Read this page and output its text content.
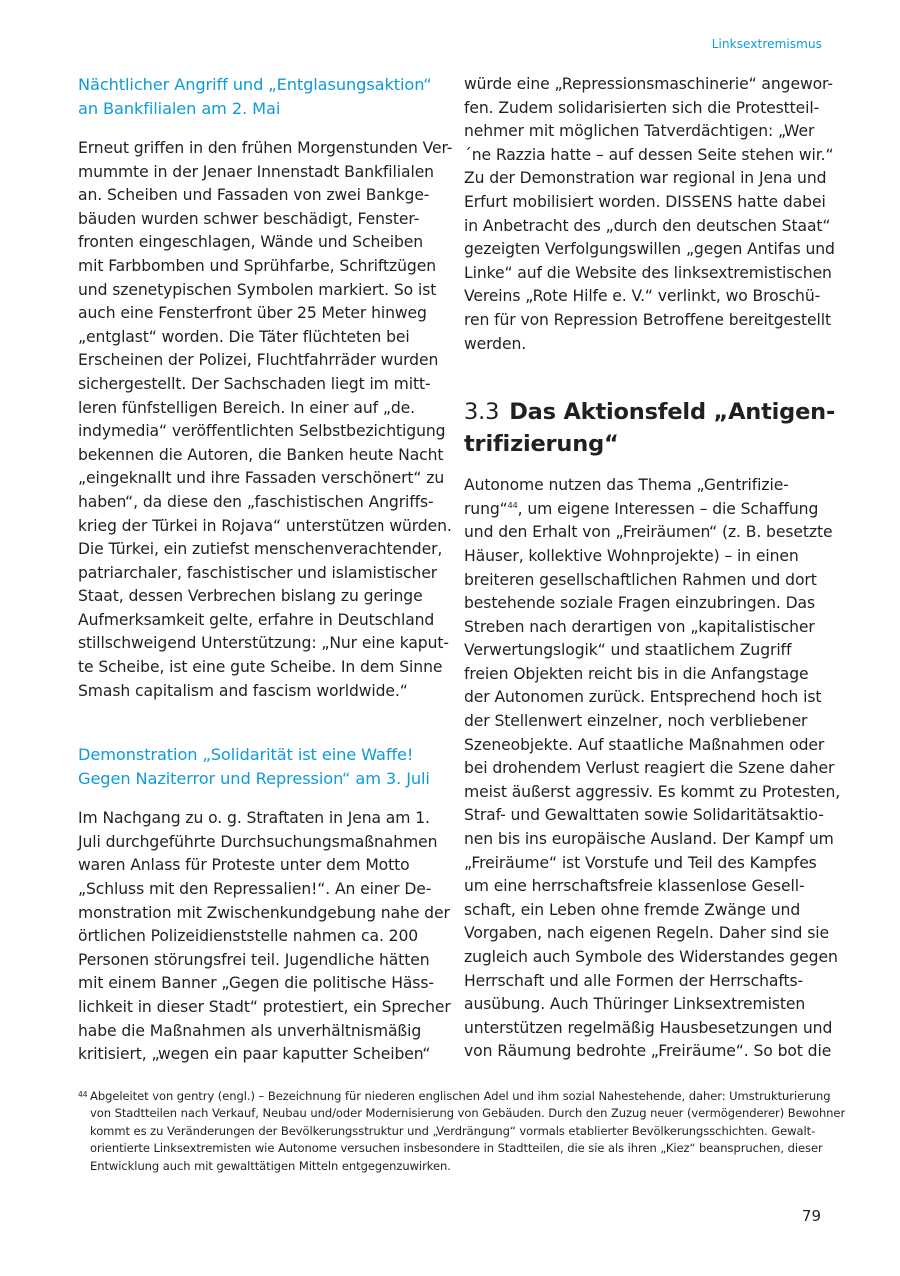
Linksextremismus
Nächtlicher Angriff und „Entglasungsaktion“
an Bankfilialen am 2. Mai
Erneut griffen in den frühen Morgenstunden Ver-
mummte in der Jenaer Innenstadt Bankfilialen
an. Scheiben und Fassaden von zwei Bankge-
bäuden wurden schwer beschädigt, Fenster-
fronten eingeschlagen, Wände und Scheiben
mit Farbbomben und Sprühfarbe, Schriftzügen
und szenetypischen Symbolen markiert. So ist
auch eine Fensterfront über 25 Meter hinweg
„entglast“ worden. Die Täter flüchteten bei
Erscheinen der Polizei, Fluchtfahrräder wurden
sichergestellt. Der Sachschaden liegt im mitt-
leren fünfstelligen Bereich. In einer auf „de.
indymedia“ veröffentlichten Selbstbezichtigung
bekennen die Autoren, die Banken heute Nacht
„eingeknallt und ihre Fassaden verschönert“ zu
haben“, da diese den „faschistischen Angriffs-
krieg der Türkei in Rojava“ unterstützen würden.
Die Türkei, ein zutiefst menschenverachtender,
patriarchaler, faschistischer und islamistischer
Staat, dessen Verbrechen bislang zu geringe
Aufmerksamkeit gelte, erfahre in Deutschland
stillschweigend Unterstützung: „Nur eine kaput-
te Scheibe, ist eine gute Scheibe. In dem Sinne
Smash capitalism and fascism worldwide.“
Demonstration „Solidarität ist eine Waffe!
Gegen Naziterror und Repression“ am 3. Juli
Im Nachgang zu o. g. Straftaten in Jena am 1.
Juli durchgeführte Durchsuchungsmaßnahmen
waren Anlass für Proteste unter dem Motto
„Schluss mit den Repressalien!“. An einer De-
monstration mit Zwischenkundgebung nahe der
örtlichen Polizeidienststelle nahmen ca. 200
Personen störungsfrei teil. Jugendliche hätten
mit einem Banner „Gegen die politische Häss-
lichkeit in dieser Stadt“ protestiert, ein Sprecher
habe die Maßnahmen als unverhältnismäßig
kritisiert, „wegen ein paar kaputter Scheiben“
würde eine „Repressionsmaschinerie“ angewor-
fen. Zudem solidarisierten sich die Protestteil-
nehmer mit möglichen Tatverdächtigen: „Wer
´ne Razzia hatte – auf dessen Seite stehen wir.“
Zu der Demonstration war regional in Jena und
Erfurt mobilisiert worden. DISSENS hatte dabei
in Anbetracht des „durch den deutschen Staat“
gezeigten Verfolgungswillen „gegen Antifas und
Linke“ auf die Website des linksextremistischen
Vereins „Rote Hilfe e. V.“ verlinkt, wo Broschü-
ren für von Repression Betroffene bereitgestellt
werden.
3.3 Das Aktionsfeld „Antigen-
trifizierung“
Autonome nutzen das Thema „Gentrifizie-
rung“$^{44}$, um eigene Interessen – die Schaffung
und den Erhalt von „Freiräumen“ (z. B. besetzte
Häuser, kollektive Wohnprojekte) – in einen
breiteren gesellschaftlichen Rahmen und dort
bestehende soziale Fragen einzubringen. Das
Streben nach derartigen von „kapitalistischer
Verwertungslogik“ und staatlichem Zugriff
freien Objekten reicht bis in die Anfangstage
der Autonomen zurück. Entsprechend hoch ist
der Stellenwert einzelner, noch verbliebener
Szeneobjekte. Auf staatliche Maßnahmen oder
bei drohendem Verlust reagiert die Szene daher
meist äußerst aggressiv. Es kommt zu Protesten,
Straf- und Gewalttaten sowie Solidaritätsaktio-
nen bis ins europäische Ausland. Der Kampf um
„Freiräume“ ist Vorstufe und Teil des Kampfes
um eine herrschaftsfreie klassenlose Gesell-
schaft, ein Leben ohne fremde Zwänge und
Vorgaben, nach eigenen Regeln. Daher sind sie
zugleich auch Symbole des Widerstandes gegen
Herrschaft und alle Formen der Herrschafts-
ausübung. Auch Thüringer Linksextremisten
unterstützen regelmäßig Hausbesetzungen und
von Räumung bedrohte „Freiräume“. So bot die
44 Abgeleitet von gentry (engl.) – Bezeichnung für niederen englischen Adel und ihm sozial Nahestehende, daher: Umstrukturierung
von Stadtteilen nach Verkauf, Neubau und/oder Modernisierung von Gebäuden. Durch den Zuzug neuer (vermögenderer) Bewohner
kommt es zu Veränderungen der Bevölkerungsstruktur und „Verdrängung“ vormals etablierter Bevölkerungsschichten. Gewalt-
orientierte Linksextremisten wie Autonome versuchen insbesondere in Stadtteilen, die sie als ihren „Kiez“ beanspruchen, dieser
Entwicklung auch mit gewalttätigen Mitteln entgegenzuwirken.
79
